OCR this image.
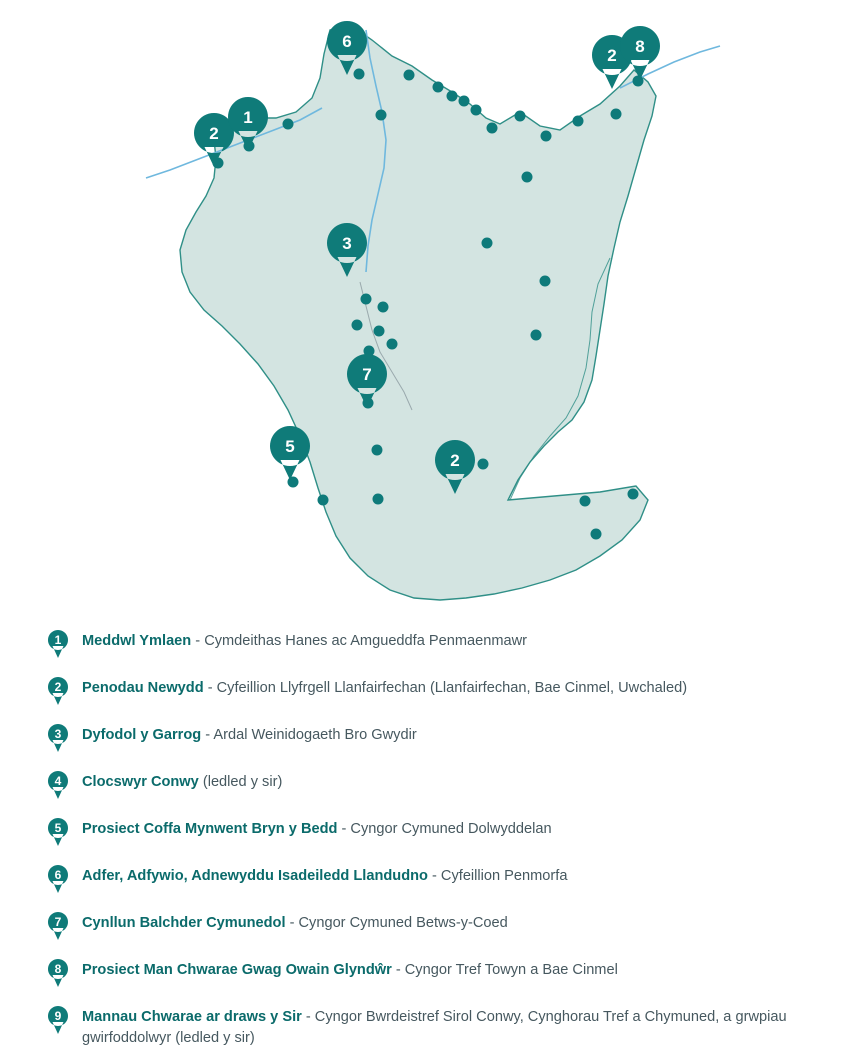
6
2 8
2
1
3
7
5
2
1	Meddwl Ymlaen - Cymdeithas Hanes ac Amgueddfa Penmaenmawr
2	Penodau Newydd - Cyfeillion Llyfrgell Llanfairfechan (Llanfairfechan, Bae Cinmel, Uwchaled)
3	Dyfodol y Garrog - Ardal Weinidogaeth Bro Gwydir
4	Clocswyr Conwy (ledled y sir)
5	Prosiect Coffa Mynwent Bryn y Bedd - Cyngor Cymuned Dolwyddelan
6	Adfer, Adfywio, Adnewyddu Isadeiledd Llandudno - Cyfeillion Penmorfa
7	Cynllun Balchder Cymunedol - Cyngor Cymuned Betws-y-Coed
8	Prosiect Man Chwarae Gwag Owain Glyndŵr - Cyngor Tref Towyn a Bae Cinmel
9	Mannau Chwarae ar draws y Sir - Cyngor Bwrdeistref Sirol Conwy, Cynghorau Tref a Chymuned, a grwpiau gwirfoddolwyr (ledled y sir)
